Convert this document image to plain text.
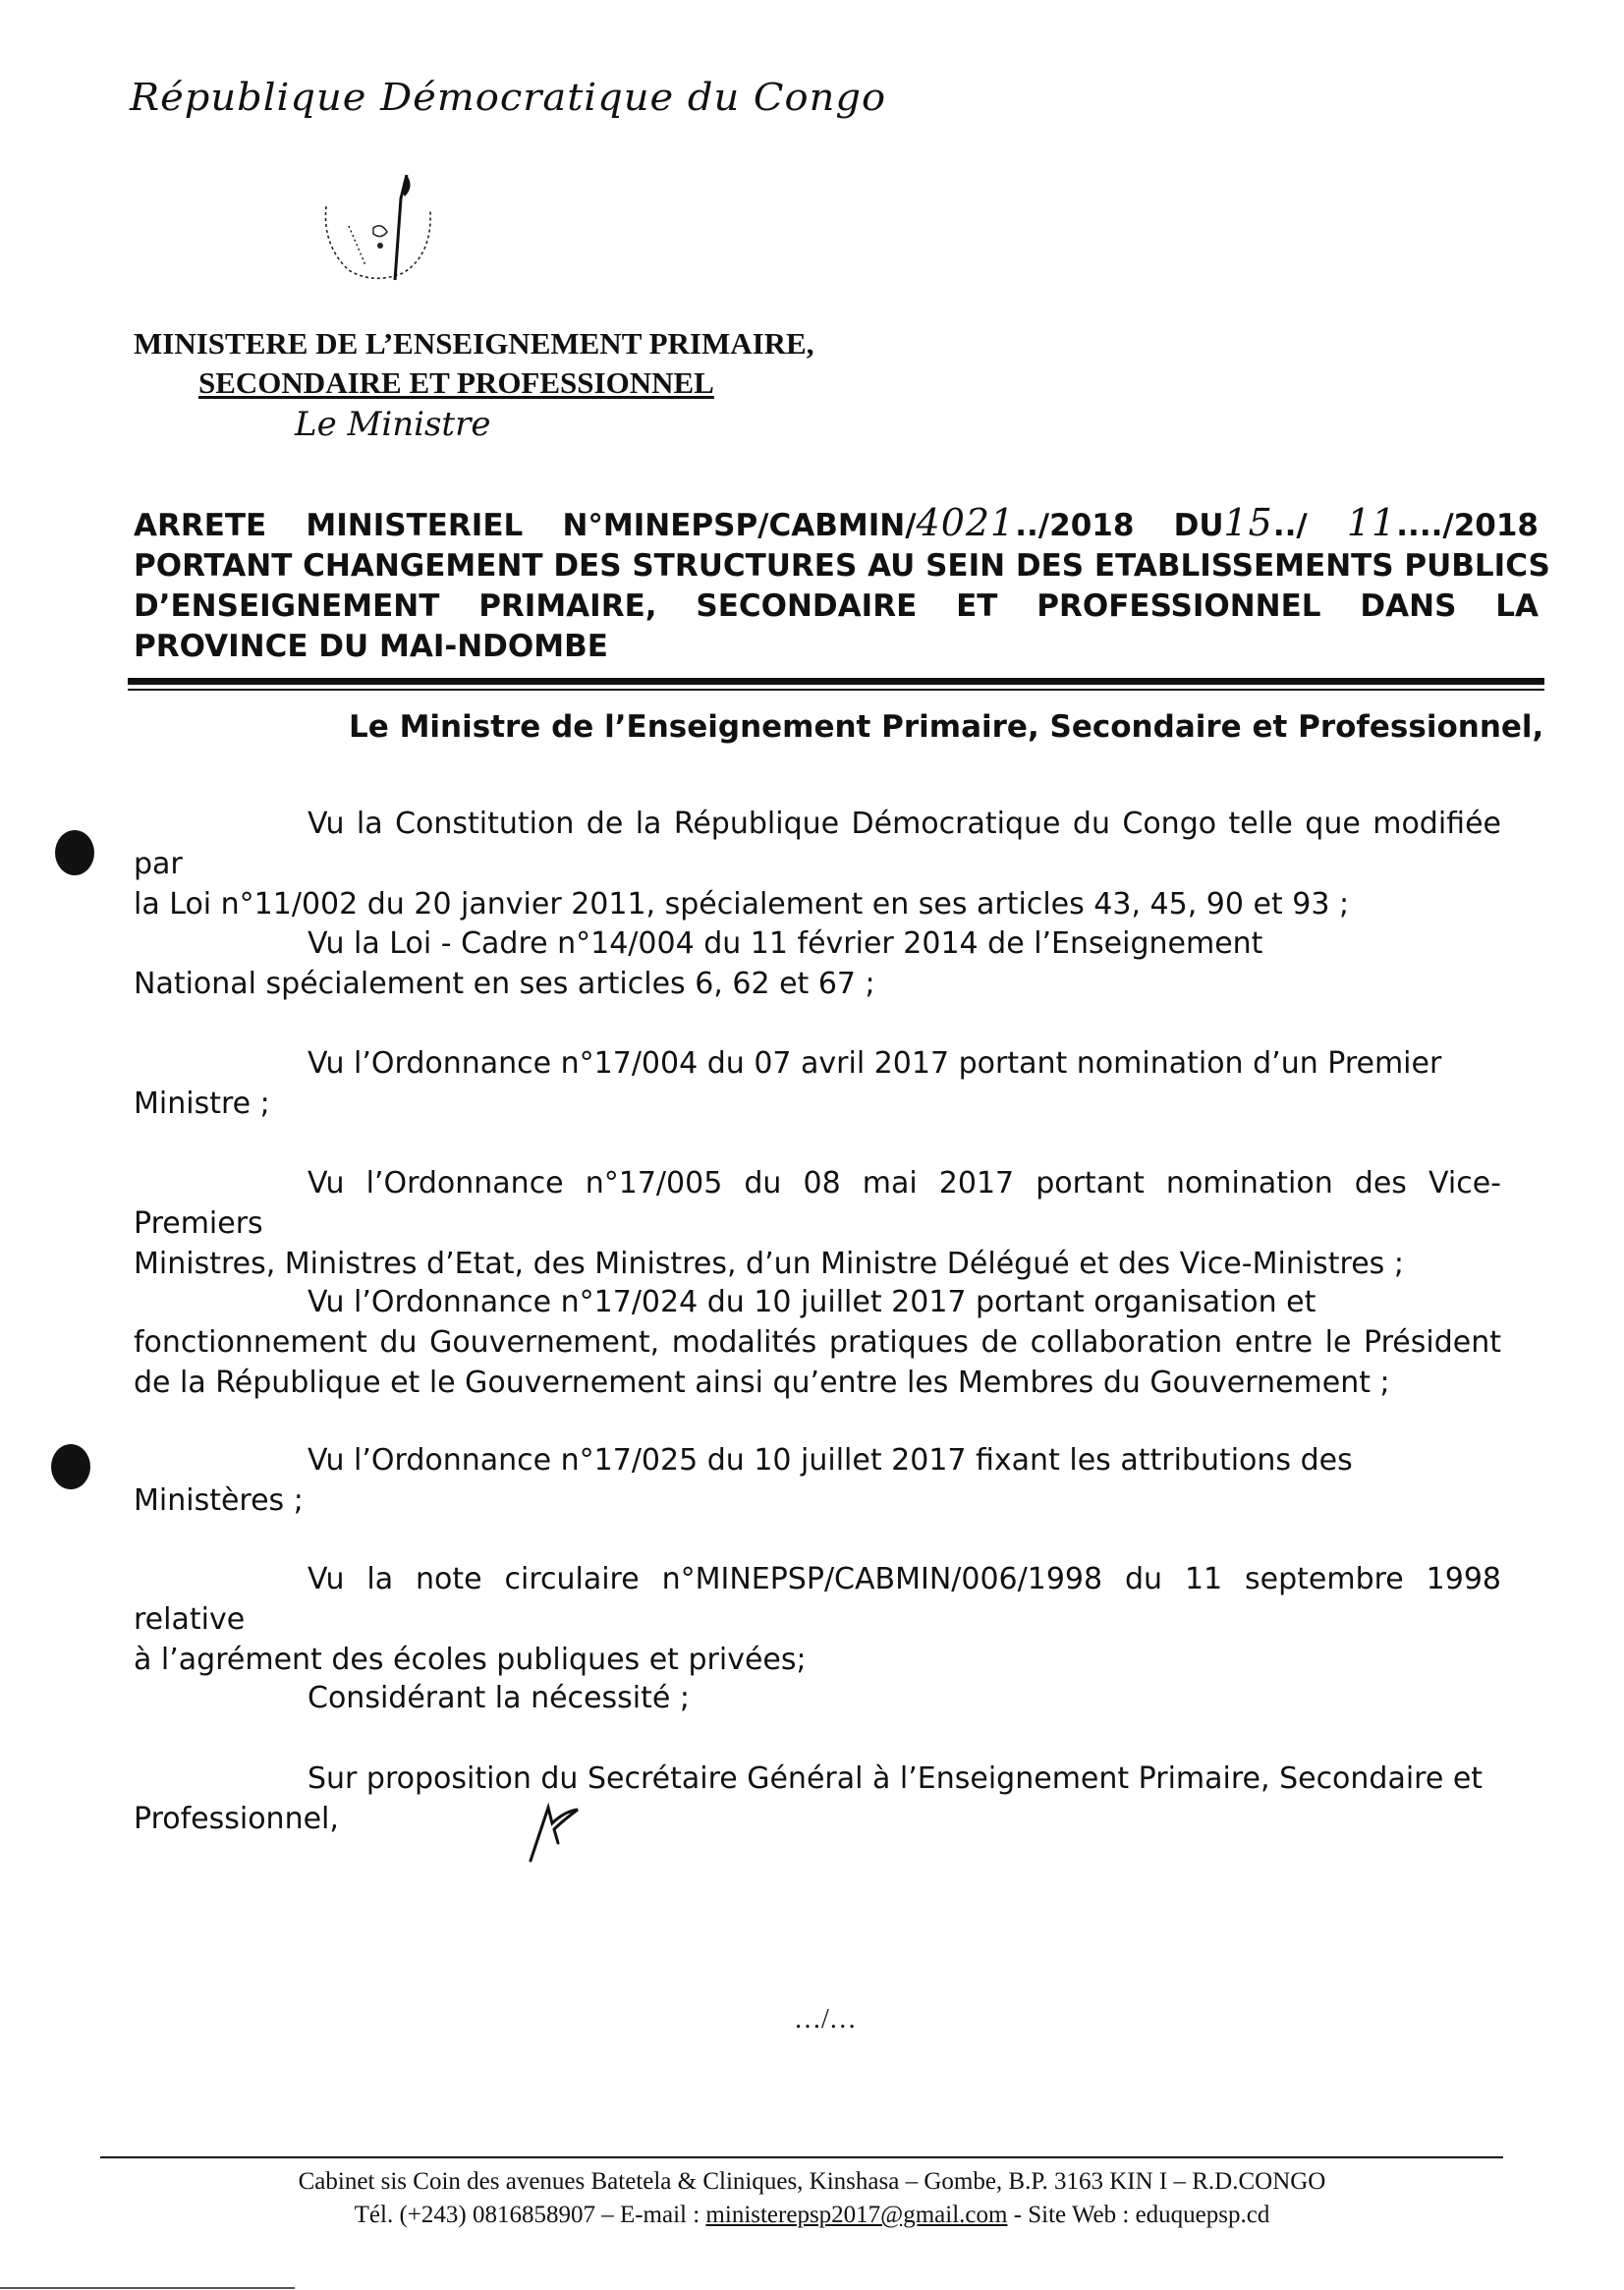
République Démocratique du Congo
MINISTERE DE L’ENSEIGNEMENT PRIMAIRE,
SECONDAIRE ET PROFESSIONNEL
Le Ministre
ARRETE MINISTERIEL N°MINEPSP/CABMIN/4021../2018 DU15../ 11..../2018
PORTANT CHANGEMENT DES STRUCTURES AU SEIN DES ETABLISSEMENTS PUBLICS
D’ENSEIGNEMENT PRIMAIRE, SECONDAIRE ET PROFESSIONNEL DANS LA
PROVINCE DU MAI-NDOMBE
Le Ministre de l’Enseignement Primaire, Secondaire et Professionnel,
Vu la Constitution de la République Démocratique du Congo telle que modifiée par
la Loi n°11/002 du 20 janvier 2011, spécialement en ses articles 43, 45, 90 et 93 ;
Vu la Loi - Cadre n°14/004 du 11 février 2014 de l’Enseignement
National spécialement en ses articles 6, 62 et 67 ;
Vu l’Ordonnance n°17/004 du 07 avril 2017 portant nomination d’un Premier
Ministre ;
Vu l’Ordonnance n°17/005 du 08 mai 2017 portant nomination des Vice-Premiers
Ministres, Ministres d’Etat, des Ministres, d’un Ministre Délégué et des Vice-Ministres ;
Vu l’Ordonnance n°17/024 du 10 juillet 2017 portant organisation et
fonctionnement du Gouvernement, modalités pratiques de collaboration entre le Président de la République et le Gouvernement ainsi qu’entre les Membres du Gouvernement ;
Vu l’Ordonnance n°17/025 du 10 juillet 2017 fixant les attributions des
Ministères ;
Vu la note circulaire n°MINEPSP/CABMIN/006/1998 du 11 septembre 1998 relative
à l’agrément des écoles publiques et privées;
Considérant la nécessité ;
Sur proposition du Secrétaire Général à l’Enseignement Primaire, Secondaire et
Professionnel,
…/…
Cabinet sis Coin des avenues Batetela & Cliniques, Kinshasa – Gombe, B.P. 3163 KIN I – R.D.CONGO
Tél. (+243) 0816858907 – E-mail : ministerepsp2017@gmail.com - Site Web : eduquepsp.cd
